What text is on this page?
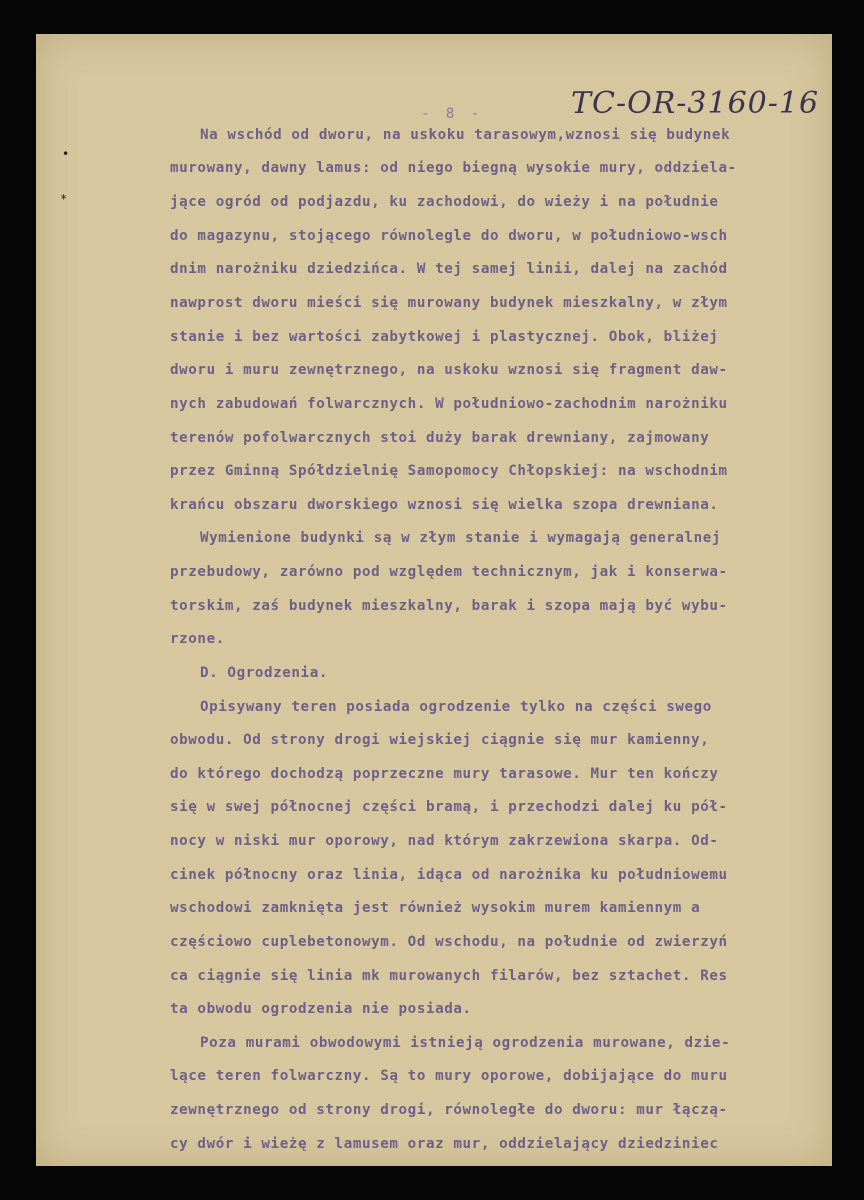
- 8 -	TC-OR-3160-16
•
*
Na wschód od dworu, na uskoku tarasowym,wznosi się budynek
murowany, dawny lamus: od niego biegną wysokie mury, oddziela-
jące ogród od podjazdu, ku zachodowi, do wieży i na południe
do magazynu, stojącego równolegle do dworu, w południowo-wsch
dnim narożniku dziedzińca. W tej samej linii, dalej na zachód
nawprost dworu mieści się murowany budynek mieszkalny, w złym
stanie i bez wartości zabytkowej i plastycznej. Obok, bliżej
dworu i muru zewnętrznego, na uskoku wznosi się fragment daw-
nych zabudowań folwarcznych. W południowo-zachodnim narożniku
terenów pofolwarcznych stoi duży barak drewniany, zajmowany
przez Gminną Spółdzielnię Samopomocy Chłopskiej: na wschodnim
krańcu obszaru dworskiego wznosi się wielka szopa drewniana.
Wymienione budynki są w złym stanie i wymagają generalnej
przebudowy, zarówno pod względem technicznym, jak i konserwa-
torskim, zaś budynek mieszkalny, barak i szopa mają być wybu-
rzone.
D. Ogrodzenia.
Opisywany teren posiada ogrodzenie tylko na części swego
obwodu. Od strony drogi wiejskiej ciągnie się mur kamienny,
do którego dochodzą poprzeczne mury tarasowe. Mur ten kończy
się w swej północnej części bramą, i przechodzi dalej ku pół-
nocy w niski mur oporowy, nad którym zakrzewiona skarpa. Od-
cinek północny oraz linia, idąca od narożnika ku południowemu
wschodowi zamknięta jest również wysokim murem kamiennym a
częściowo cuplebetonowym. Od wschodu, na południe od zwierzyń
ca ciągnie się linia mk murowanych filarów, bez sztachet. Res
ta obwodu ogrodzenia nie posiada.
Poza murami obwodowymi istnieją ogrodzenia murowane, dzie-
lące teren folwarczny. Są to mury oporowe, dobijające do muru
zewnętrznego od strony drogi, równoległe do dworu: mur łączą-
cy dwór i wieżę z lamusem oraz mur, oddzielający dziedziniec
